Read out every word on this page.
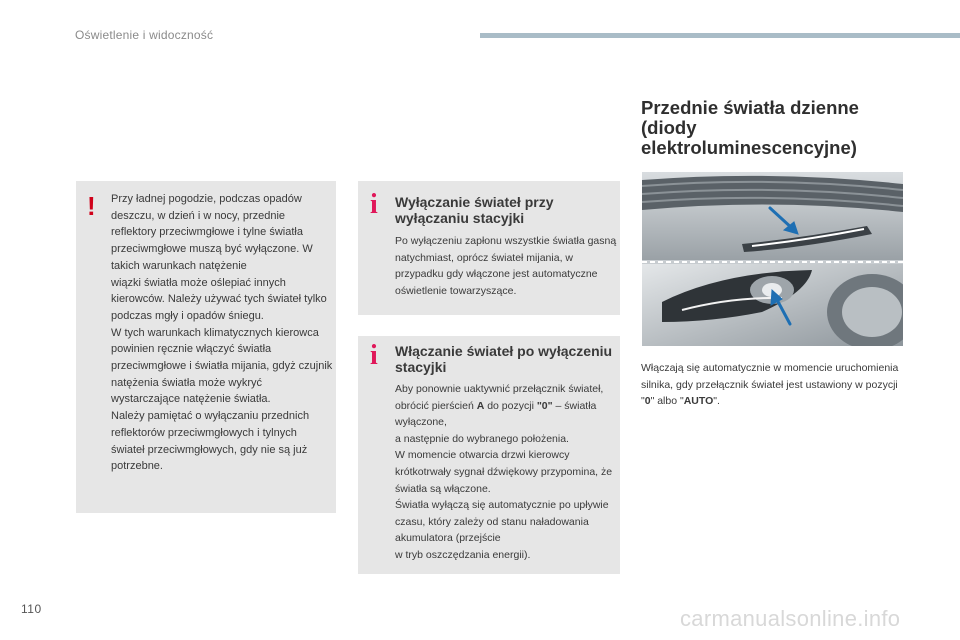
Oświetlenie i widoczność
! Przy ładnej pogodzie, podczas opadów deszczu, w dzień i w nocy, przednie reflektory przeciwmgłowe i tylne światła przeciwmgłowe muszą być wyłączone. W takich warunkach natężenie
wiązki światła może oślepiać innych kierowców. Należy używać tych świateł tylko podczas mgły i opadów śniegu.
W tych warunkach klimatycznych kierowca powinien ręcznie włączyć światła przeciwmgłowe i światła mijania, gdyż czujnik natężenia światła może wykryć wystarczające natężenie światła.
Należy pamiętać o wyłączaniu przednich reflektorów przeciwmgłowych i tylnych świateł przeciwmgłowych, gdy nie są już potrzebne.

i Wyłączanie świateł przy wyłączaniu stacyjki

Po wyłączeniu zapłonu wszystkie światła gasną natychmiast, oprócz świateł mijania, w przypadku gdy włączone jest automatyczne oświetlenie towarzyszące.

i Włączanie świateł po wyłączeniu stacyjki

Aby ponownie uaktywnić przełącznik świateł, obrócić pierścień A do pozycji "0" – światła wyłączone,
a następnie do wybranego położenia.
W momencie otwarcia drzwi kierowcy krótkotrwały sygnał dźwiękowy przypomina, że światła są włączone.
Światła wyłączą się automatycznie po upływie czasu, który zależy od stanu naładowania akumulatora (przejście
w tryb oszczędzania energii).

Przednie światła dzienne
(diody
elektroluminescencyjne)

Włączają się automatycznie w momencie uruchomienia silnika, gdy przełącznik świateł jest ustawiony w pozycji "0" albo "AUTO".

110	carmanualsonline.info
